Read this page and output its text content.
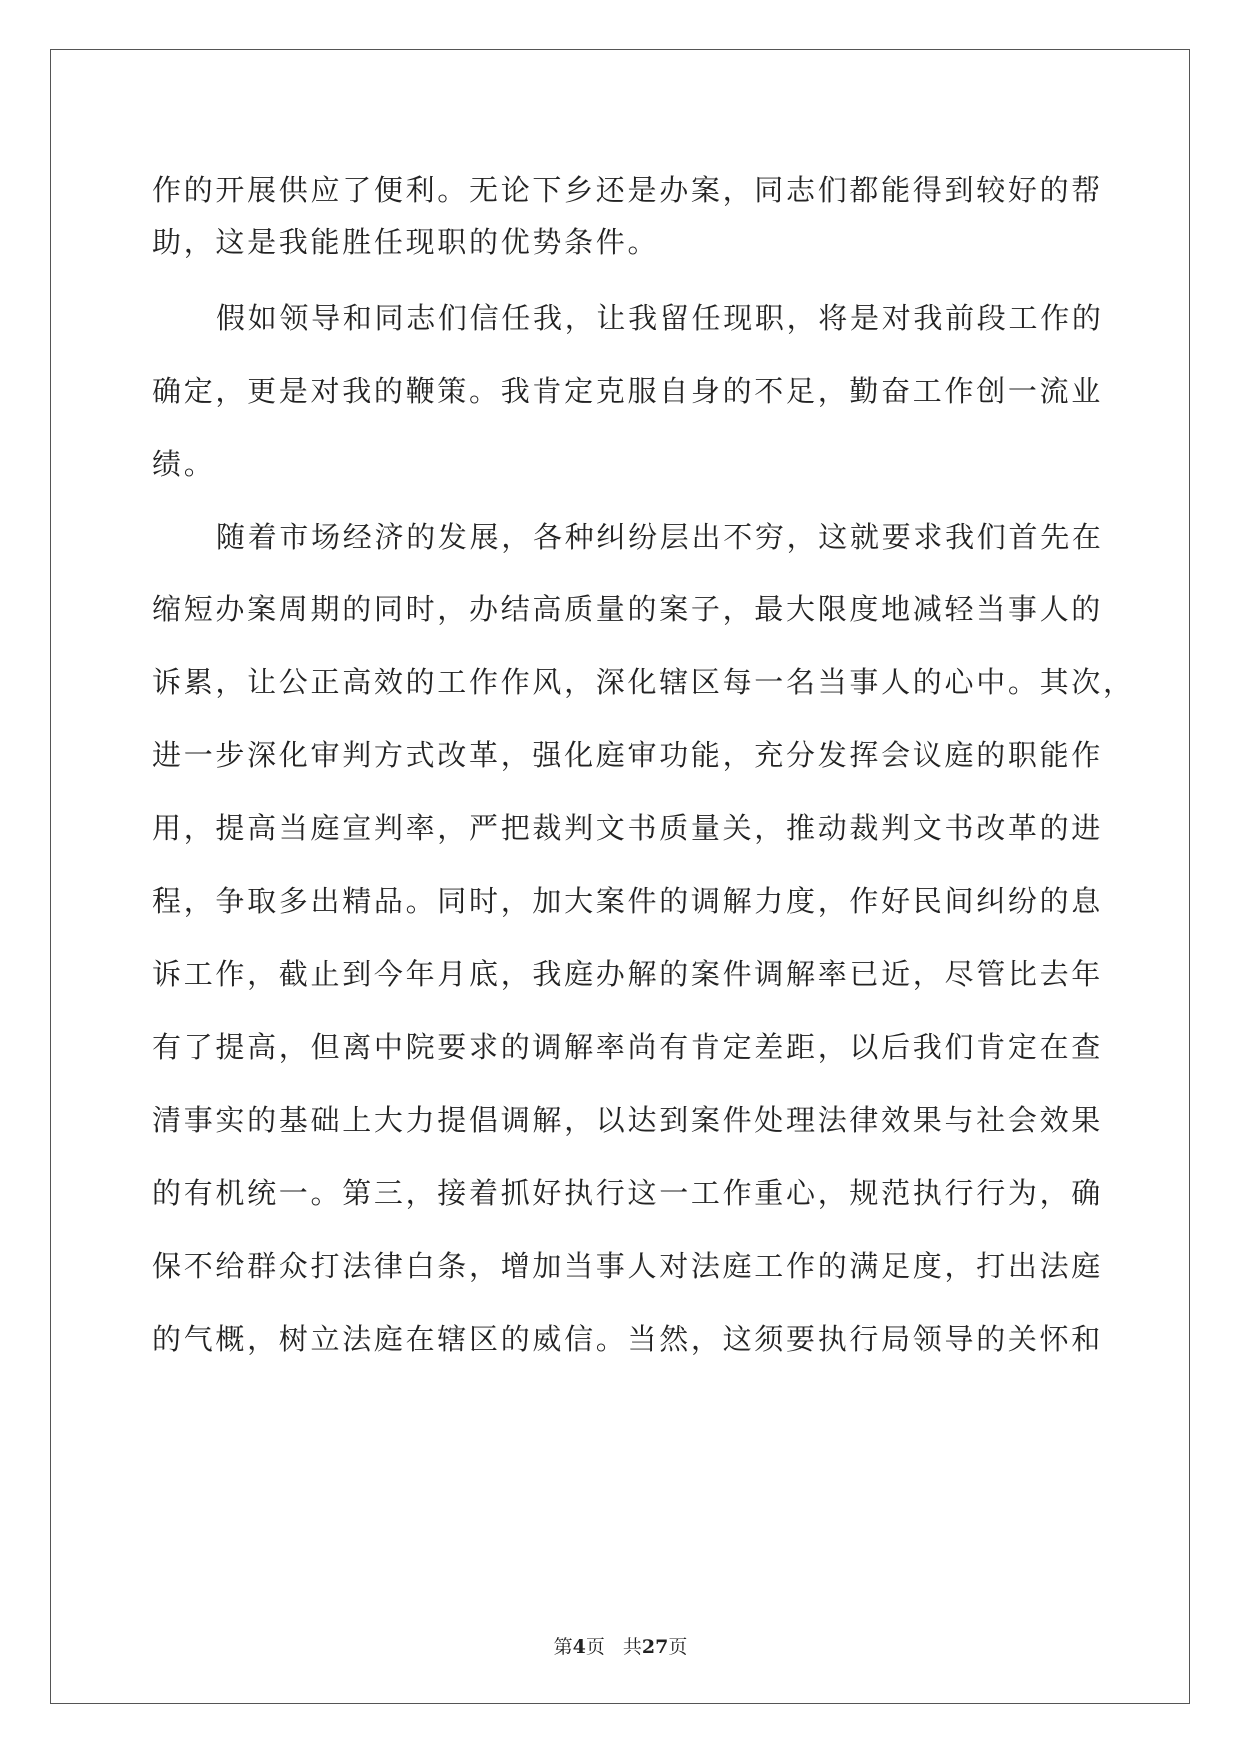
作的开展供应了便利。无论下乡还是办案，同志们都能得到较好的帮
助，这是我能胜任现职的优势条件。
假如领导和同志们信任我，让我留任现职，将是对我前段工作的
确定，更是对我的鞭策。我肯定克服自身的不足，勤奋工作创一流业
绩。
随着市场经济的发展，各种纠纷层出不穷，这就要求我们首先在
缩短办案周期的同时，办结高质量的案子，最大限度地减轻当事人的
诉累，让公正高效的工作作风，深化辖区每一名当事人的心中。其次，
进一步深化审判方式改革，强化庭审功能，充分发挥会议庭的职能作
用，提高当庭宣判率，严把裁判文书质量关，推动裁判文书改革的进
程，争取多出精品。同时，加大案件的调解力度，作好民间纠纷的息
诉工作，截止到今年月底，我庭办解的案件调解率已近，尽管比去年
有了提高，但离中院要求的调解率尚有肯定差距，以后我们肯定在查
清事实的基础上大力提倡调解，以达到案件处理法律效果与社会效果
的有机统一。第三，接着抓好执行这一工作重心，规范执行行为，确
保不给群众打法律白条，增加当事人对法庭工作的满足度，打出法庭
的气概，树立法庭在辖区的威信。当然，这须要执行局领导的关怀和
第4页 共27页
